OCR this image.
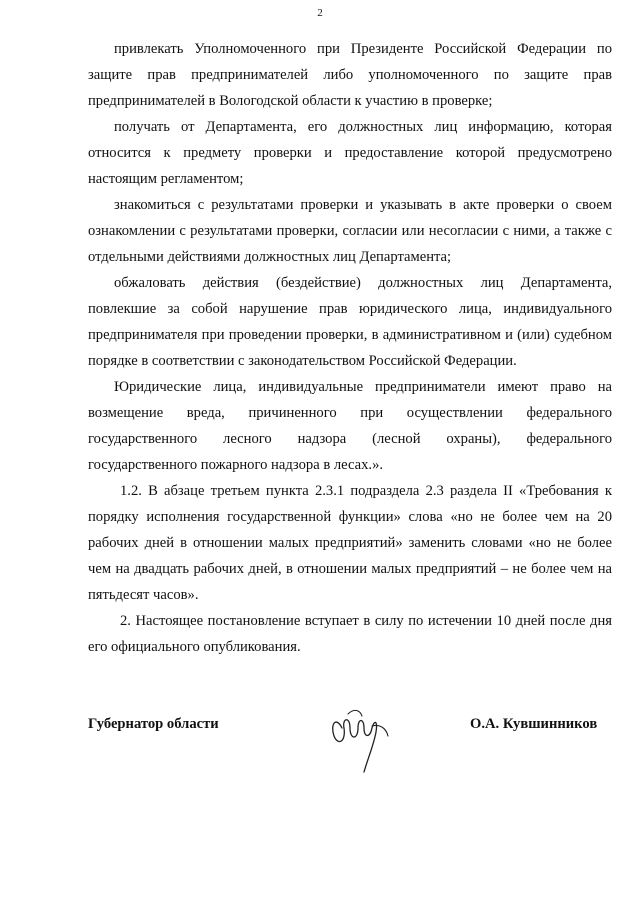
2

привлекать Уполномоченного при Президенте Российской Федерации по защите прав предпринимателей либо уполномоченного по защите прав предпринимателей в Вологодской области к участию в проверке;

получать от Департамента, его должностных лиц информацию, которая относится к предмету проверки и предоставление которой предусмотрено настоящим регламентом;

знакомиться с результатами проверки и указывать в акте проверки о своем ознакомлении с результатами проверки, согласии или несогласии с ними, а также с отдельными действиями должностных лиц Департамента;

обжаловать действия (бездействие) должностных лиц Департамента, повлекшие за собой нарушение прав юридического лица, индивидуального предпринимателя при проведении проверки, в административном и (или) судебном порядке в соответствии с законодательством Российской Федерации.

Юридические лица, индивидуальные предприниматели имеют право на возмещение вреда, причиненного при осуществлении федерального государственного лесного надзора (лесной охраны), федерального государственного пожарного надзора в лесах.».

1.2. В абзаце третьем пункта 2.3.1 подраздела 2.3 раздела II «Требования к порядку исполнения государственной функции» слова «но не более чем на 20 рабочих дней в отношении малых предприятий» заменить словами «но не более чем на двадцать рабочих дней, в отношении малых предприятий – не более чем на пятьдесят часов».

2. Настоящее постановление вступает в силу по истечении 10 дней после дня его официального опубликования.

Губернатор области	О.А. Кувшинников
